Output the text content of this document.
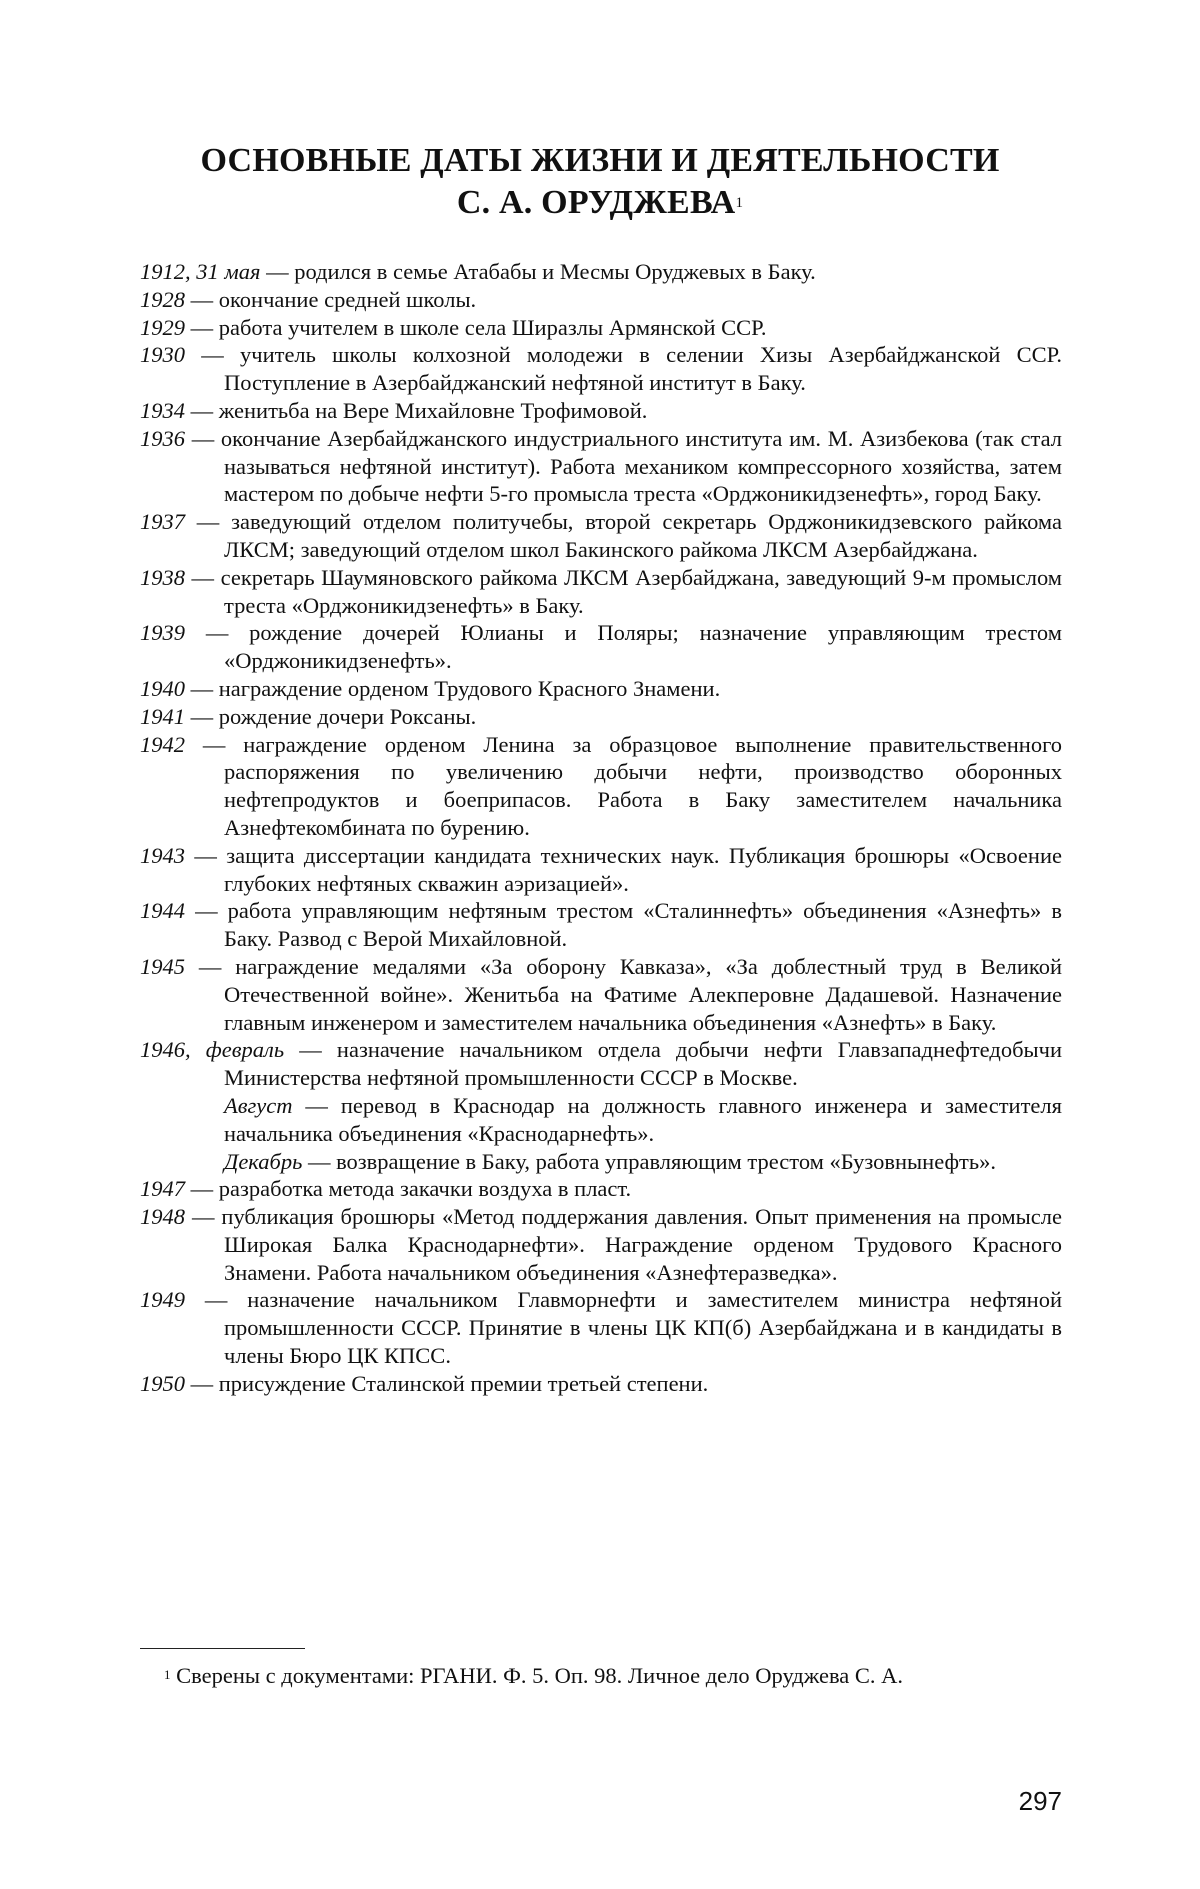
ОСНОВНЫЕ ДАТЫ ЖИЗНИ И ДЕЯТЕЛЬНОСТИ
С. А. ОРУДЖЕВА$^1$

1912, 31 мая — родился в семье Атабабы и Месмы Оруджевых в Баку.

1928 — окончание средней школы.

1929 — работа учителем в школе села Ширазлы Армянской ССР.

1930 — учитель школы колхозной молодежи в селении Хизы Азербайджанской ССР. Поступление в Азербайджанский нефтяной институт в Баку.

1934 — женитьба на Вере Михайловне Трофимовой.

1936 — окончание Азербайджанского индустриального института им. М. Азизбекова (так стал называться нефтяной институт). Работа механиком компрессорного хозяйства, затем мастером по добыче нефти 5-го промысла треста «Орджоникидзенефть», город Баку.

1937 — заведующий отделом политучебы, второй секретарь Орджоникидзевского райкома ЛКСМ; заведующий отделом школ Бакинского райкома ЛКСМ Азербайджана.

1938 — секретарь Шаумяновского райкома ЛКСМ Азербайджана, заведующий 9-м промыслом треста «Орджоникидзенефть» в Баку.

1939 — рождение дочерей Юлианы и Поляры; назначение управляющим трестом «Орджоникидзенефть».

1940 — награждение орденом Трудового Красного Знамени.

1941 — рождение дочери Роксаны.

1942 — награждение орденом Ленина за образцовое выполнение правительственного распоряжения по увеличению добычи нефти, производство оборонных нефтепродуктов и боеприпасов. Работа в Баку заместителем начальника Азнефтекомбината по бурению.

1943 — защита диссертации кандидата технических наук. Публикация брошюры «Освоение глубоких нефтяных скважин аэризацией».

1944 — работа управляющим нефтяным трестом «Сталиннефть» объединения «Азнефть» в Баку. Развод с Верой Михайловной.

1945 — награждение медалями «За оборону Кавказа», «За доблестный труд в Великой Отечественной войне». Женитьба на Фатиме Алекперовне Дадашевой. Назначение главным инженером и заместителем начальника объединения «Азнефть» в Баку.

1946, февраль — назначение начальником отдела добычи нефти Главзападнефтедобычи Министерства нефтяной промышленности СССР в Москве.

Август — перевод в Краснодар на должность главного инженера и заместителя начальника объединения «Краснодарнефть».

Декабрь — возвращение в Баку, работа управляющим трестом «Бузовнынефть».

1947 — разработка метода закачки воздуха в пласт.

1948 — публикация брошюры «Метод поддержания давления. Опыт применения на промысле Широкая Балка Краснодарнефти». Награждение орденом Трудового Красного Знамени. Работа начальником объединения «Азнефтеразведка».

1949 — назначение начальником Главморнефти и заместителем министра нефтяной промышленности СССР. Принятие в члены ЦК КП(б) Азербайджана и в кандидаты в члены Бюро ЦК КПСС.

1950 — присуждение Сталинской премии третьей степени.

$^1$ Сверены с документами: РГАНИ. Ф. 5. Оп. 98. Личное дело Оруджева С. А.
297
